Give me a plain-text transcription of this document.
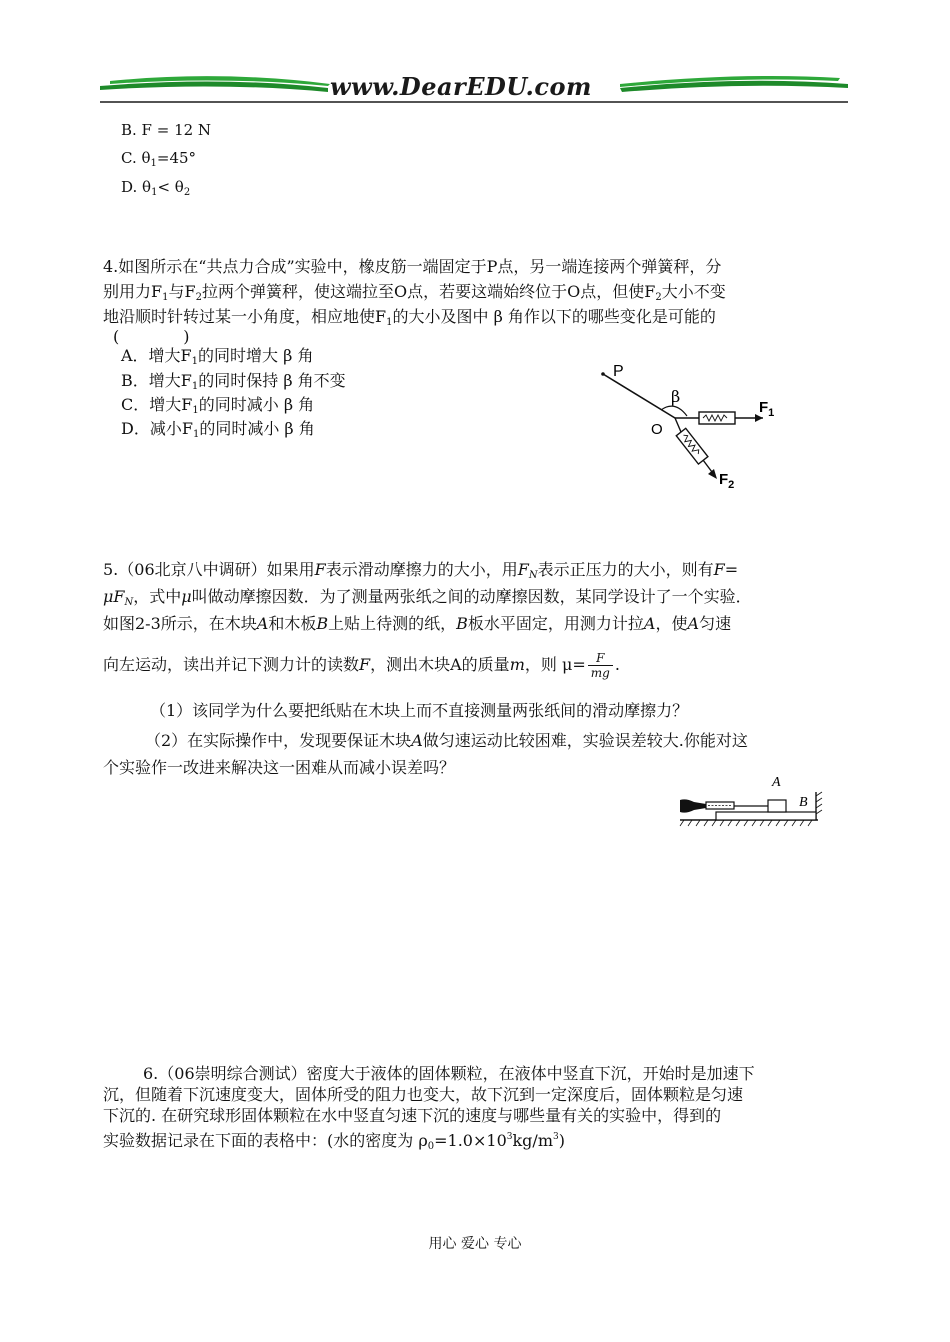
www.DearEDU.com
B. F = 12 N
C. $\theta_1=45^\circ$
D. $\theta_1< \theta_2$
4.如图所示在“共点力合成”实验中，橡皮筋一端固定于P点，另一端连接两个弹簧秤，分
别用力$F_1$与$F_2$拉两个弹簧秤，使这端拉至O点，若要这端始终位于O点，但使$F_2$大小不变
地沿顺时针转过某一小角度，相应地使$F_1$的大小及图中 β 角作以下的哪些变化是可能的
(　　　　)
A．增大$F_1$的同时增大 β 角
B．增大$F_1$的同时保持 β 角不变
C．增大$F_1$的同时减小 β 角
D．减小$F_1$的同时减小 β 角
P
β
O
$F_1$
$F_2$
5.（06北京八中调研）如果用F表示滑动摩擦力的大小，用$F_N$表示正压力的大小，则有F=
$\mu F_N$，式中μ叫做动摩擦因数．为了测量两张纸之间的动摩擦因数，某同学设计了一个实验．
如图2-3所示，在木块A和木板B上贴上待测的纸，B板水平固定，用测力计拉A，使A匀速
向左运动，读出并记下测力计的读数F，测出木块A的质量m，则 $\mu= \frac{F}{mg}$ .
（1）该同学为什么要把纸贴在木块上而不直接测量两张纸间的滑动摩擦力？
（2）在实际操作中，发现要保证木块A做匀速运动比较困难，实验误差较大.你能对这
个实验作一改进来解决这一困难从而减小误差吗？
A
B
6.（06崇明综合测试）密度大于液体的固体颗粒，在液体中竖直下沉，开始时是加速下
沉，但随着下沉速度变大，固体所受的阻力也变大，故下沉到一定深度后，固体颗粒是匀速
下沉的. 在研究球形固体颗粒在水中竖直匀速下沉的速度与哪些量有关的实验中，得到的
实验数据记录在下面的表格中：(水的密度为 $\rho_0=1.0\times 10^3kg/m^3$)
用心 爱心 专心
